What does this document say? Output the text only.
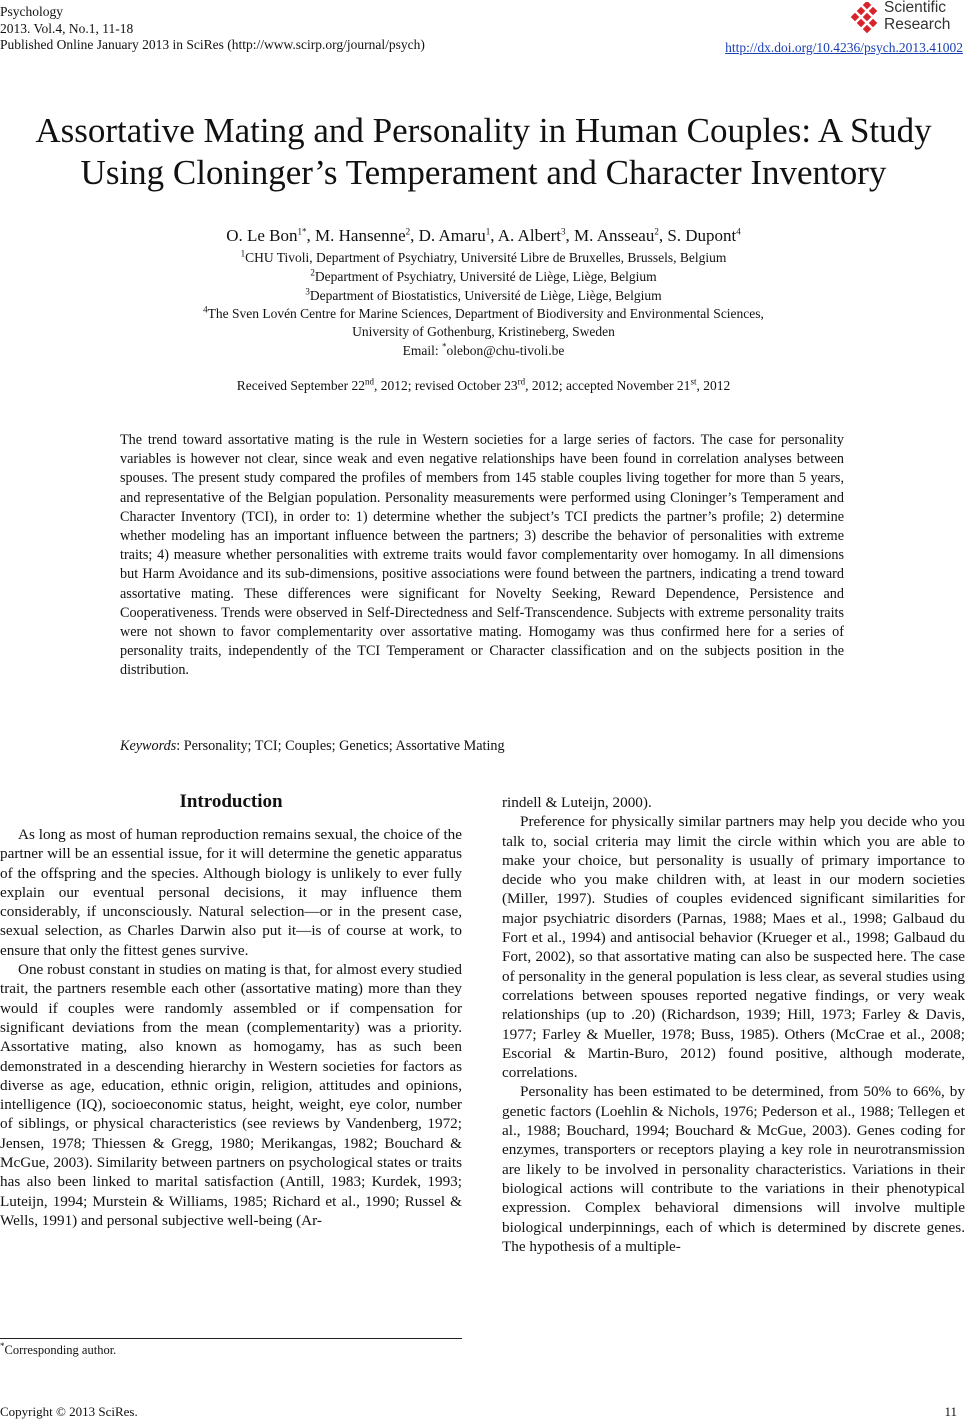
Psychology
2013. Vol.4, No.1, 11-18
Published Online January 2013 in SciRes (http://www.scirp.org/journal/psych)
Scientific
Research
http://dx.doi.org/10.4236/psych.2013.41002
Assortative Mating and Personality in Human Couples: A Study
Using Cloninger’s Temperament and Character Inventory
O. Le Bon$^{1*}$, M. Hansenne$^2$, D. Amaru$^1$, A. Albert$^3$, M. Ansseau$^2$, S. Dupont$^4$
$^1$CHU Tivoli, Department of Psychiatry, Université Libre de Bruxelles, Brussels, Belgium
$^2$Department of Psychiatry, Université de Liège, Liège, Belgium
$^3$Department of Biostatistics, Université de Liège, Liège, Belgium
$^4$The Sven Lovén Centre for Marine Sciences, Department of Biodiversity and Environmental Sciences,
University of Gothenburg, Kristineberg, Sweden
Email: *olebon@chu-tivoli.be
Received September 22nd, 2012; revised October 23rd, 2012; accepted November 21st, 2012
The trend toward assortative mating is the rule in Western societies for a large series of factors. The case for personality variables is however not clear, since weak and even negative relationships have been found in correlation analyses between spouses. The present study compared the profiles of members from 145 stable couples living together for more than 5 years, and representative of the Belgian population. Personality measurements were performed using Cloninger’s Temperament and Character Inventory (TCI), in order to: 1) determine whether the subject’s TCI predicts the partner’s profile; 2) determine whether modeling has an important influence between the partners; 3) describe the behavior of personalities with extreme traits; 4) measure whether personalities with extreme traits would favor complementarity over homogamy. In all dimensions but Harm Avoidance and its sub-dimensions, positive associations were found between the partners, indicating a trend toward assortative mating. These differences were significant for Novelty Seeking, Reward Dependence, Persistence and Cooperativeness. Trends were observed in Self-Directedness and Self-Transcendence. Subjects with extreme personality traits were not shown to favor complementarity over assortative mating. Homogamy was thus confirmed here for a series of personality traits, independently of the TCI Temperament or Character classification and on the subjects position in the distribution.
Keywords: Personality; TCI; Couples; Genetics; Assortative Mating
Introduction

As long as most of human reproduction remains sexual, the choice of the partner will be an essential issue, for it will determine the genetic apparatus of the offspring and the species. Although biology is unlikely to ever fully explain our eventual personal decisions, it may influence them considerably, if unconsciously. Natural selection—or in the present case, sexual selection, as Charles Darwin also put it—is of course at work, to ensure that only the fittest genes survive.

One robust constant in studies on mating is that, for almost every studied trait, the partners resemble each other (assortative mating) more than they would if couples were randomly assembled or if compensation for significant deviations from the mean (complementarity) was a priority. Assortative mating, also known as homogamy, has as such been demonstrated in a descending hierarchy in Western societies for factors as diverse as age, education, ethnic origin, religion, attitudes and opinions, intelligence (IQ), socioeconomic status, height, weight, eye color, number of siblings, or physical characteristics (see reviews by Vandenberg, 1972; Jensen, 1978; Thiessen & Gregg, 1980; Merikangas, 1982; Bouchard & McGue, 2003). Similarity between partners on psychological states or traits has also been linked to marital satisfaction (Antill, 1983; Kurdek, 1993; Luteijn, 1994; Murstein & Williams, 1985; Richard et al., 1990; Russel & Wells, 1991) and personal subjective well-being (Ar-

rindell & Luteijn, 2000).

Preference for physically similar partners may help you decide who you talk to, social criteria may limit the circle within which you are able to make your choice, but personality is usually of primary importance to decide who you make children with, at least in our modern societies (Miller, 1997). Studies of couples evidenced significant similarities for major psychiatric disorders (Parnas, 1988; Maes et al., 1998; Galbaud du Fort et al., 1994) and antisocial behavior (Krueger et al., 1998; Galbaud du Fort, 2002), so that assortative mating can also be suspected here. The case of personality in the general population is less clear, as several studies using correlations between spouses reported negative findings, or very weak relationships (up to .20) (Richardson, 1939; Hill, 1973; Farley & Davis, 1977; Farley & Mueller, 1978; Buss, 1985). Others (McCrae et al., 2008; Escorial & Martin-Buro, 2012) found positive, although moderate, correlations.

Personality has been estimated to be determined, from 50% to 66%, by genetic factors (Loehlin & Nichols, 1976; Pederson et al., 1988; Tellegen et al., 1988; Bouchard, 1994; Bouchard & McGue, 2003). Genes coding for enzymes, transporters or receptors playing a key role in neurotransmission are likely to be involved in personality characteristics. Variations in their biological actions will contribute to the variations in their phenotypical expression. Complex behavioral dimensions will involve multiple biological underpinnings, each of which is determined by discrete genes. The hypothesis of a multiple-

*Corresponding author.
Copyright © 2013 SciRes.	11
